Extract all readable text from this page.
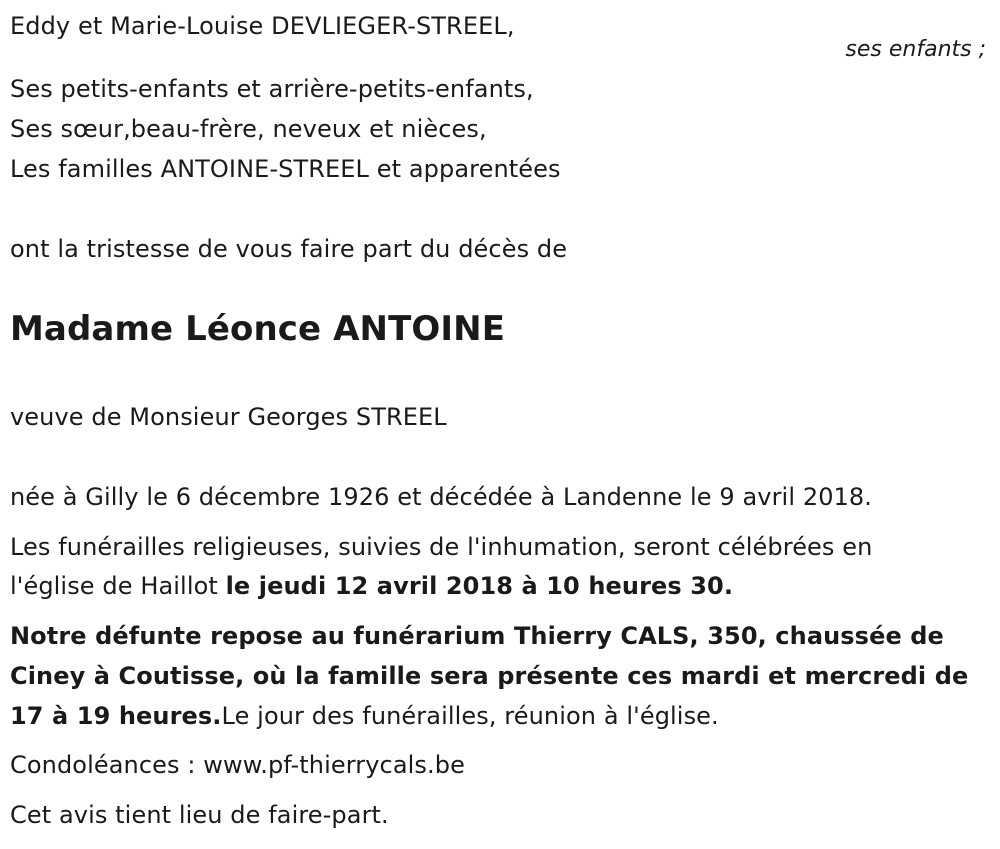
Eddy et Marie-Louise DEVLIEGER-STREEL,
ses enfants ;
Ses petits-enfants et arrière-petits-enfants,
Ses sœur,beau-frère, neveux et nièces,
Les familles ANTOINE-STREEL et apparentées
ont la tristesse de vous faire part du décès de
Madame Léonce ANTOINE
veuve de Monsieur Georges STREEL
née à Gilly le 6 décembre 1926 et décédée à Landenne le 9 avril 2018.
Les funérailles religieuses, suivies de l'inhumation, seront célébrées en
l'église de Haillot le jeudi 12 avril 2018 à 10 heures 30.
Notre défunte repose au funérarium Thierry CALS, 350, chaussée de
Ciney à Coutisse, où la famille sera présente ces mardi et mercredi de
17 à 19 heures.Le jour des funérailles, réunion à l'église.
Condoléances : www.pf-thierrycals.be
Cet avis tient lieu de faire-part.
